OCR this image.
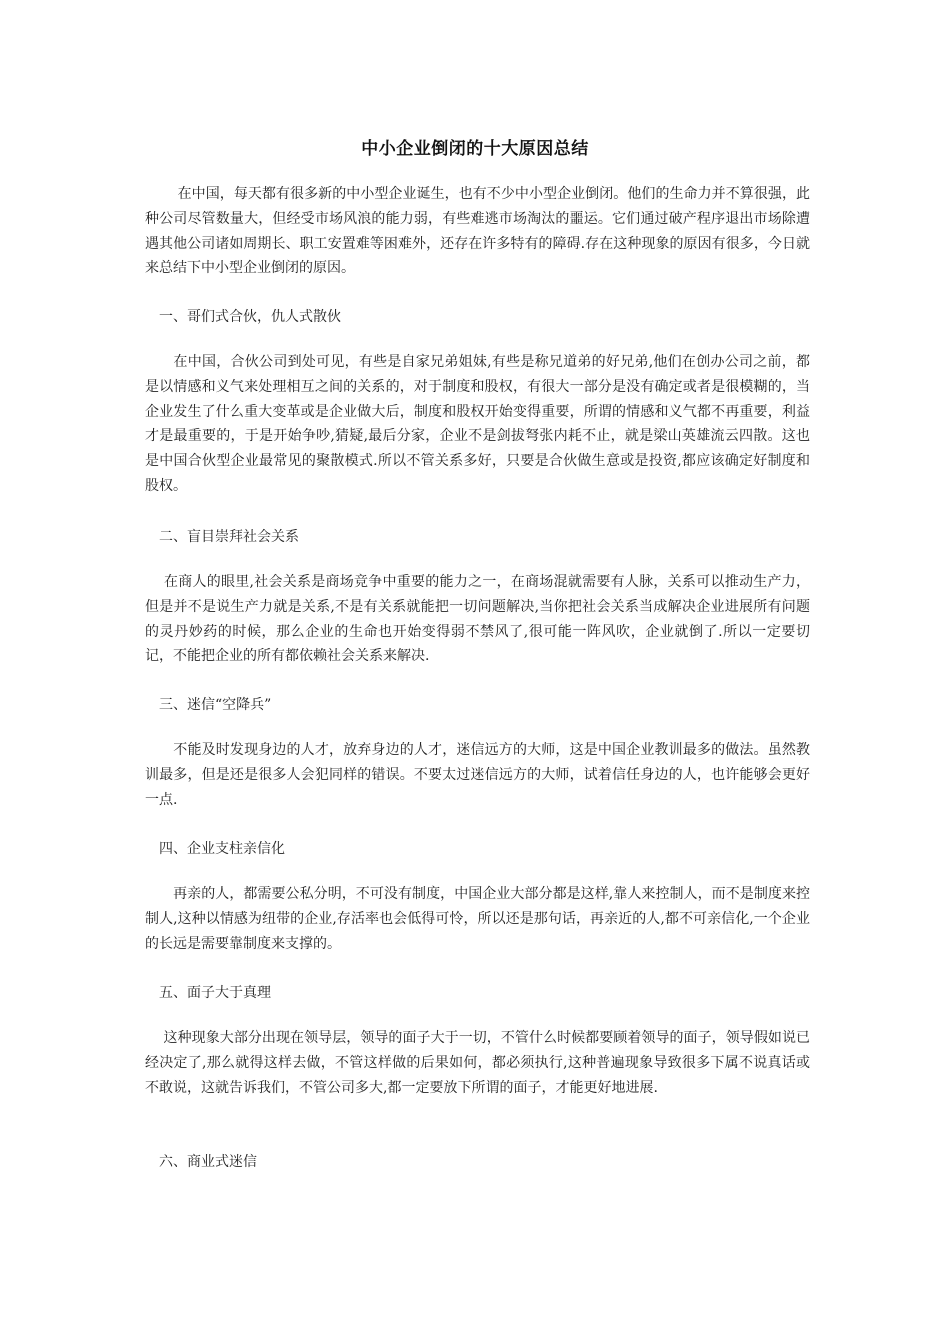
中小企业倒闭的十大原因总结

　　 在中国，每天都有很多新的中小型企业诞生，也有不少中小型企业倒闭。他们的生命力并不算很强，此种公司尽管数量大，但经受市场风浪的能力弱，有些难逃市场淘汰的噩运。它们通过破产程序退出市场除遭遇其他公司诸如周期长、职工安置难等困难外，还存在许多特有的障碍.存在这种现象的原因有很多，今日就来总结下中小型企业倒闭的原因。

　一、哥们式合伙，仇人式散伙

　　在中国，合伙公司到处可见，有些是自家兄弟姐妹,有些是称兄道弟的好兄弟,他们在创办公司之前，都是以情感和义气来处理相互之间的关系的，对于制度和股权，有很大一部分是没有确定或者是很模糊的，当企业发生了什么重大变革或是企业做大后，制度和股权开始变得重要，所谓的情感和义气都不再重要，利益才是最重要的，于是开始争吵,猜疑,最后分家，企业不是剑拔弩张内耗不止，就是梁山英雄流云四散。这也是中国合伙型企业最常见的聚散模式.所以不管关系多好，只要是合伙做生意或是投资,都应该确定好制度和股权。

　二、盲目崇拜社会关系

　 在商人的眼里,社会关系是商场竞争中重要的能力之一，在商场混就需要有人脉，关系可以推动生产力，但是并不是说生产力就是关系,不是有关系就能把一切问题解决,当你把社会关系当成解决企业进展所有问题的灵丹妙药的时候，那么企业的生命也开始变得弱不禁风了,很可能一阵风吹，企业就倒了.所以一定要切记，不能把企业的所有都依赖社会关系来解决.

　三、迷信“空降兵”

　　不能及时发现身边的人才，放弃身边的人才，迷信远方的大师，这是中国企业教训最多的做法。虽然教训最多，但是还是很多人会犯同样的错误。不要太过迷信远方的大师，试着信任身边的人，也许能够会更好一点.

　四、企业支柱亲信化

　　再亲的人，都需要公私分明，不可没有制度，中国企业大部分都是这样,靠人来控制人，而不是制度来控制人,这种以情感为纽带的企业,存活率也会低得可怜，所以还是那句话，再亲近的人,都不可亲信化,一个企业的长远是需要靠制度来支撑的。

　五、面子大于真理

　 这种现象大部分出现在领导层，领导的面子大于一切，不管什么时候都要顾着领导的面子，领导假如说已经决定了,那么就得这样去做，不管这样做的后果如何，都必须执行,这种普遍现象导致很多下属不说真话或不敢说，这就告诉我们，不管公司多大,都一定要放下所谓的面子，才能更好地进展.

　六、商业式迷信
